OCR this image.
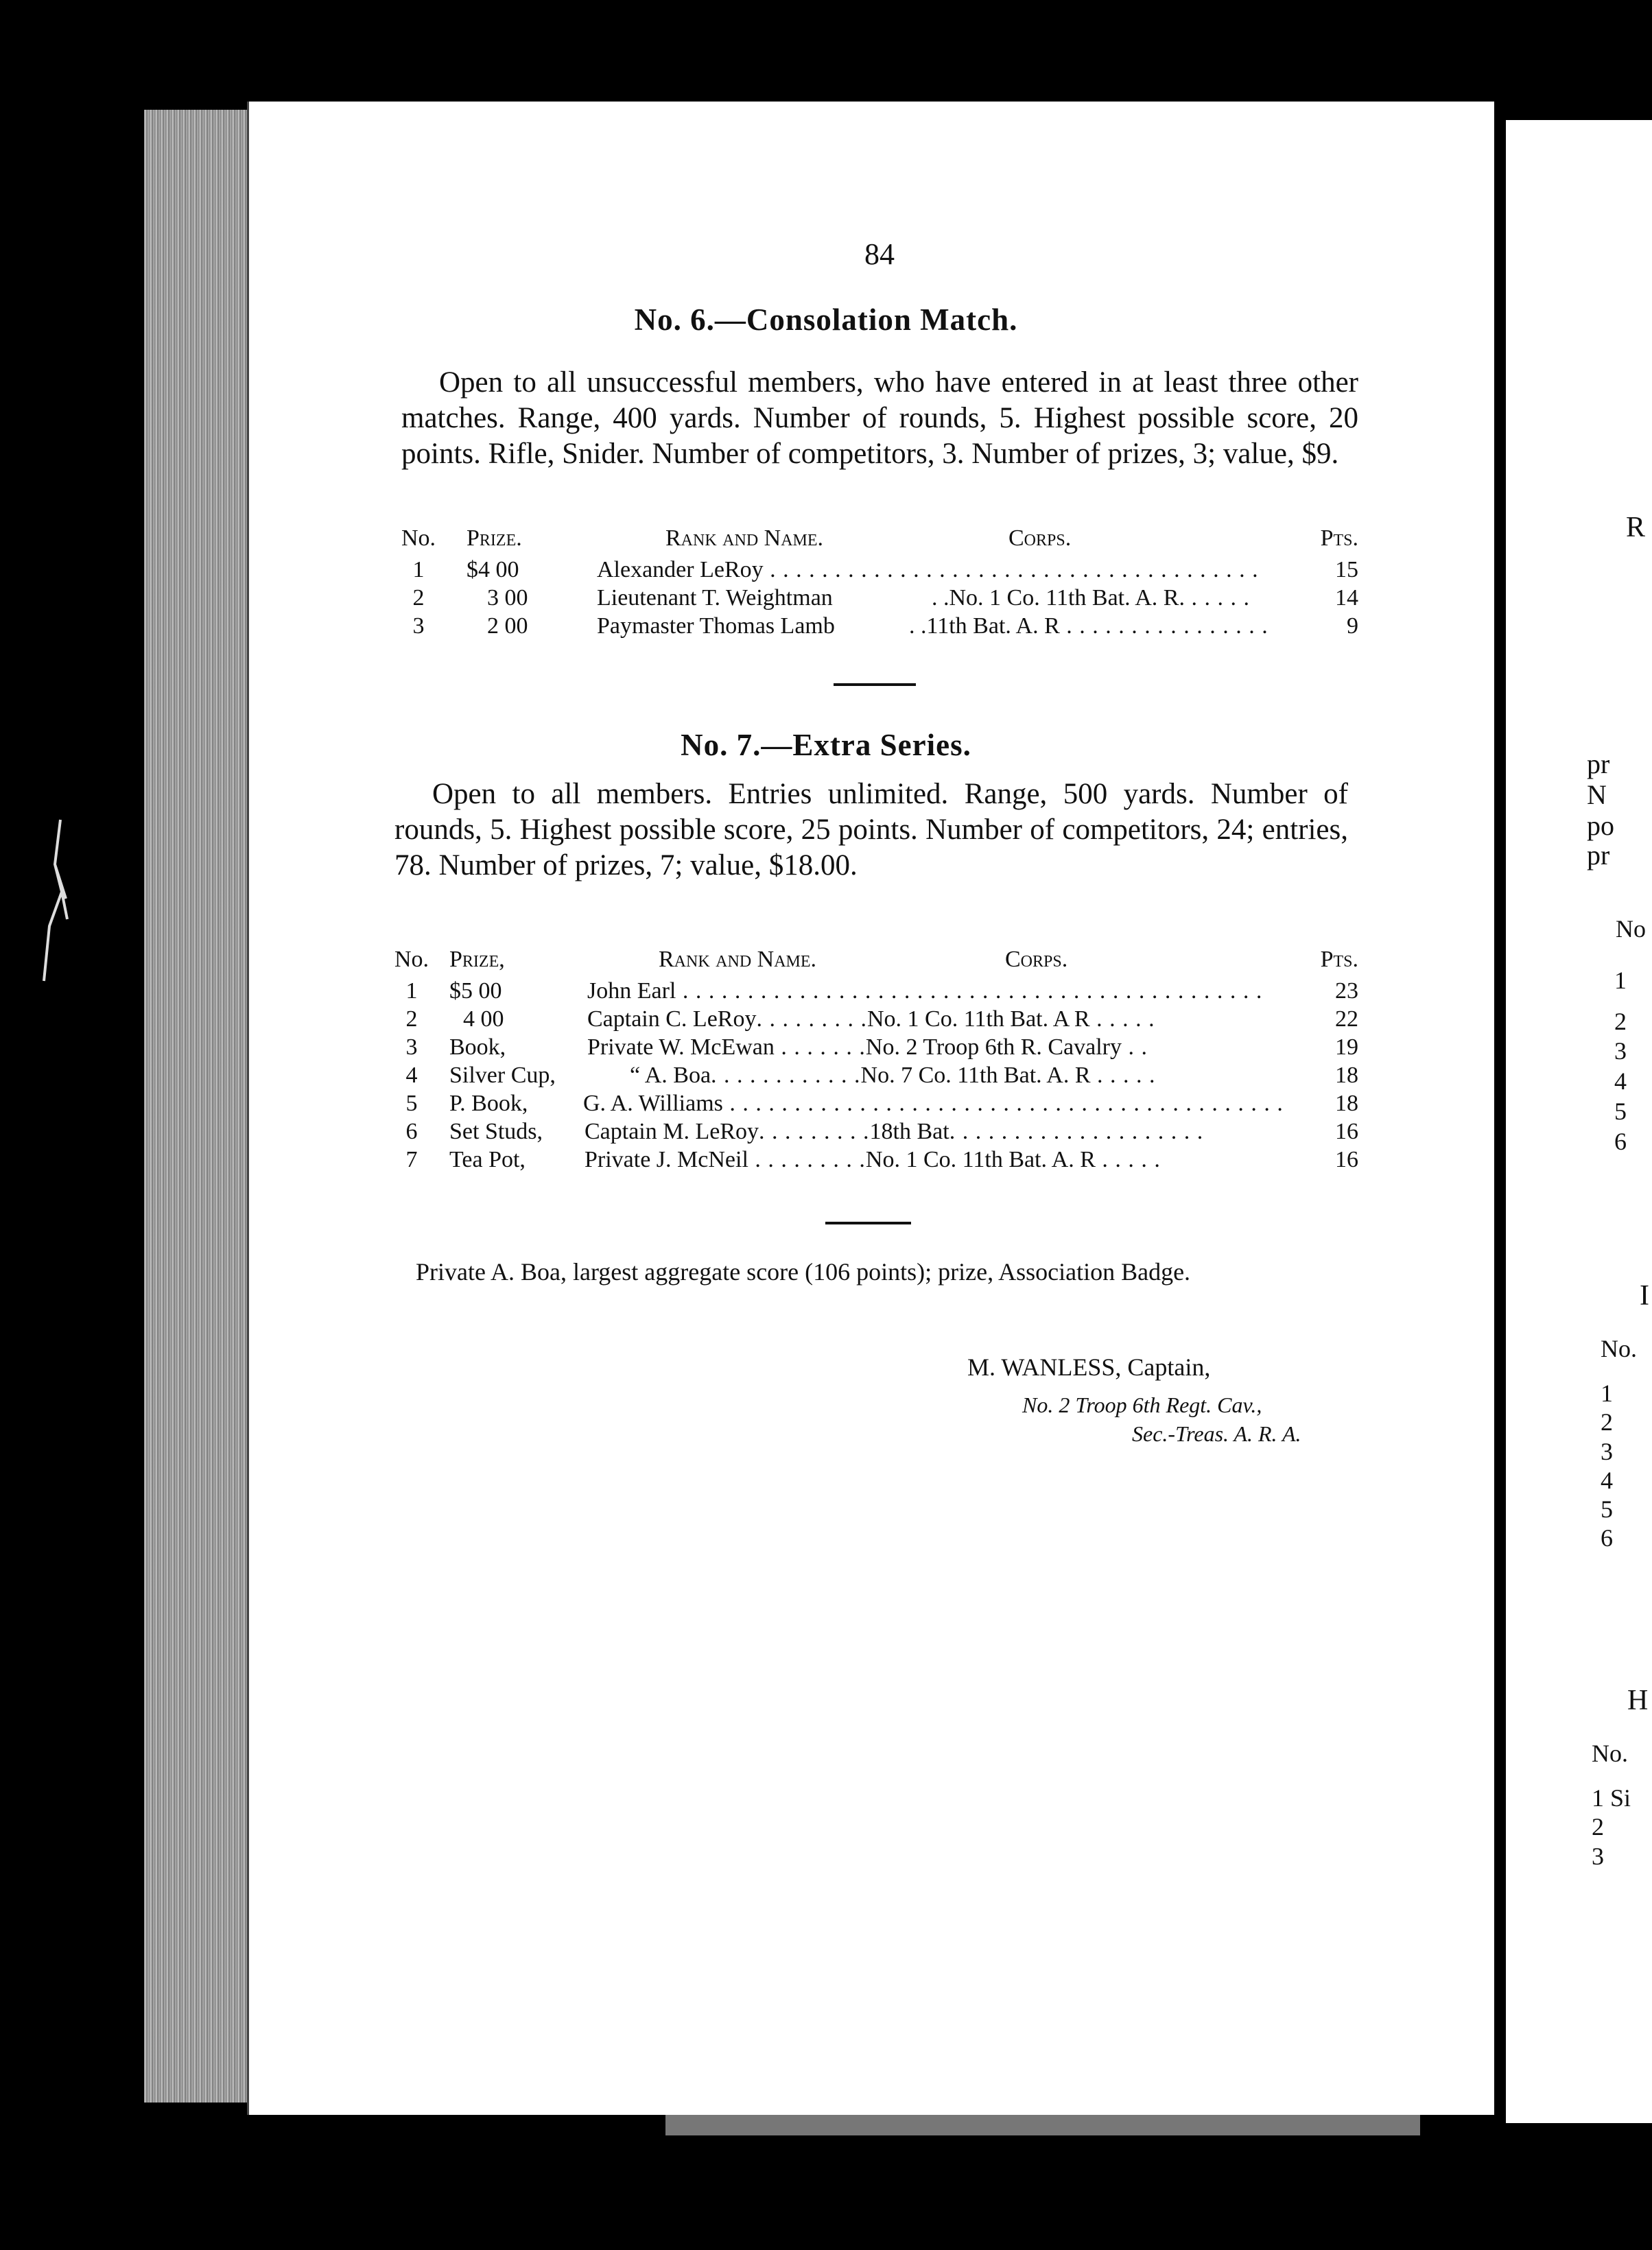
84
No. 6.—Consolation Match.
Open to all unsuccessful members, who have entered in at least three other matches. Range, 400 yards. Number of rounds, 5. Highest possible score, 20 points. Rifle, Snider. Number of competitors, 3. Number of prizes, 3; value, $9.
No. Prize.	Rank and Name.	Corps.	Pts.
1	$4 00	Alexander LeRoy . . . . . . . . . . . . . . . . . . . . . . . . . . . . . . . . . . . . . .	15
2	3 00	Lieutenant T. Weightman	. .No. 1 Co. 11th Bat. A. R. . . . . .	14
3	2 00	Paymaster Thomas Lamb	. .11th Bat. A. R . . . . . . . . . . . . . . . .	9
No. 7.—Extra Series.
Open to all members. Entries unlimited. Range, 500 yards. Number of rounds, 5. Highest possible score, 25 points. Number of competitors, 24; entries, 78. Number of prizes, 7; value, $18.00.
No. Prize,	Rank and Name.	Corps.	Pts.
1	$5 00	John Earl . . . . . . . . . . . . . . . . . . . . . . . . . . . . . . . . . . . . . . . . . . . . .	23
2	4 00	Captain C. LeRoy. . . . . . . . .No. 1 Co. 11th Bat. A R . . . . .	22
3	Book,	Private W. McEwan . . . . . . .No. 2 Troop 6th R. Cavalry . .	19
4	Silver Cup,	“ A. Boa. . . . . . . . . . . .No. 7 Co. 11th Bat. A. R . . . . .	18
5	P. Book, G. A. Williams . . . . . . . . . . . . . . . . . . . . . . . . . . . . . . . . . . . . . . . . . . .	18
6	Set Studs, Captain M. LeRoy. . . . . . . . .18th Bat. . . . . . . . . . . . . . . . . . . .	16
7	Tea Pot,	Private J. McNeil . . . . . . . . .No. 1 Co. 11th Bat. A. R . . . . .	16
Private A. Boa, largest aggregate score (106 points); prize, Association Badge.
M. WANLESS, Captain,
No. 2 Troop 6th Regt. Cav.,
Sec.-Treas. A. R. A.
R
pr
N
po
pr
No
1
2
3
4
5
6
I
No.
1
2
3
4
5
6
H
No.
1 Si
2
3
